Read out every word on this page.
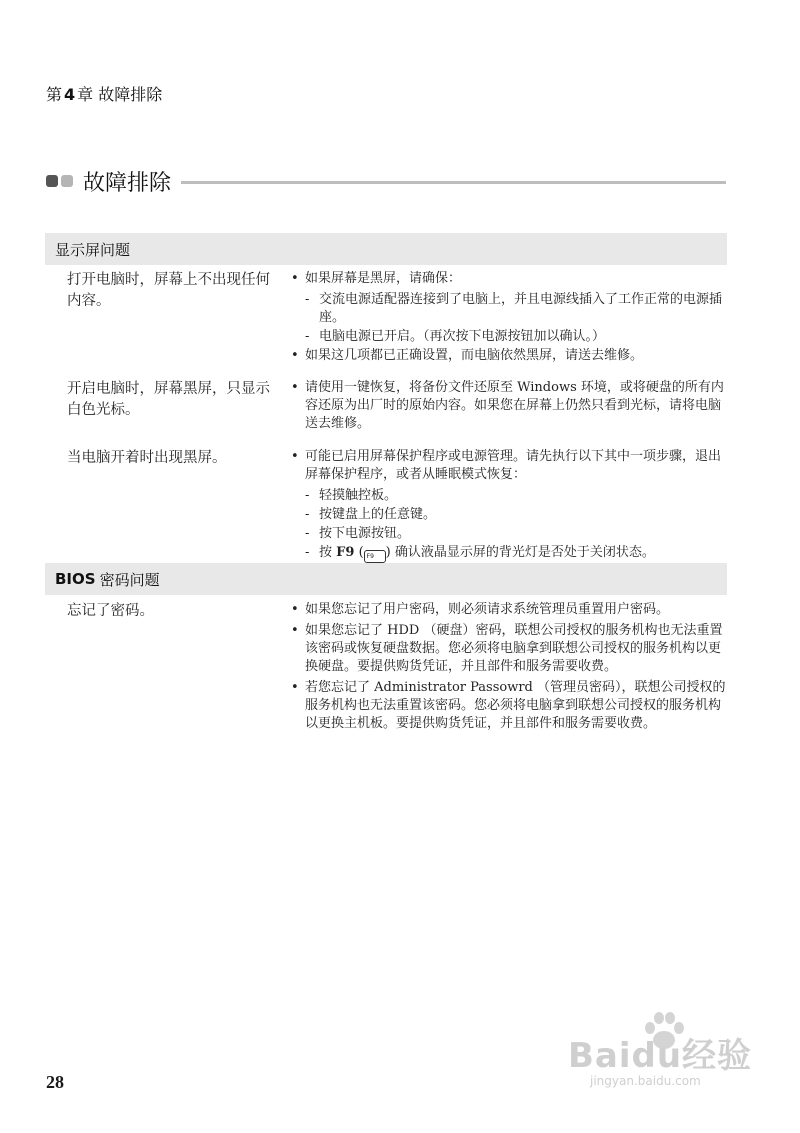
第 4 章 故障排除
故障排除
显示屏问题
打开电脑时，屏幕上不出现任何内容。
• 如果屏幕是黑屏，请确保：
- 交流电源适配器连接到了电脑上，并且电源线插入了工作正常的电源插座。
- 电脑电源已开启。（再次按下电源按钮加以确认。）
• 如果这几项都已正确设置，而电脑依然黑屏，请送去维修。
开启电脑时，屏幕黑屏，只显示白色光标。
• 请使用一键恢复，将备份文件还原至 Windows 环境，或将硬盘的所有内容还原为出厂时的原始内容。如果您在屏幕上仍然只看到光标，请将电脑送去维修。
当电脑开着时出现黑屏。	• 可能已启用屏幕保护程序或电源管理。请先执行以下其中一项步骤，退出屏幕保护程序，或者从睡眠模式恢复：
- 轻摸触控板。
- 按键盘上的任意键。
- 按下电源按钮。
- 按 F9 ( F9 ) 确认液晶显示屏的背光灯是否处于关闭状态。
BIOS 密码问题
忘记了密码。	• 如果您忘记了用户密码，则必须请求系统管理员重置用户密码。
• 如果您忘记了 HDD （硬盘）密码，联想公司授权的服务机构也无法重置该密码或恢复硬盘数据。您必须将电脑拿到联想公司授权的服务机构以更换硬盘。要提供购货凭证，并且部件和服务需要收费。
• 若您忘记了 Administrator Passowrd （管理员密码），联想公司授权的服务机构也无法重置该密码。您必须将电脑拿到联想公司授权的服务机构以更换主机板。要提供购货凭证，并且部件和服务需要收费。
28
Baidu经验
jingyan.baidu.com
